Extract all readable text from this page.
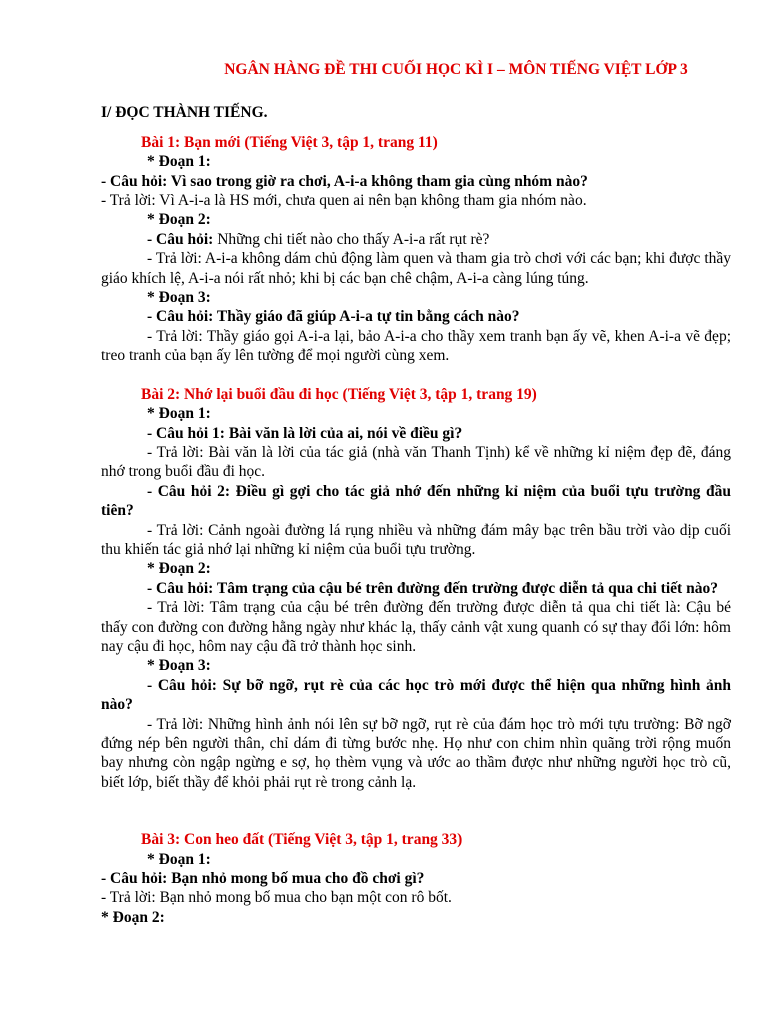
NGÂN HÀNG ĐỀ THI CUỐI HỌC KÌ I – MÔN TIẾNG VIỆT LỚP 3
I/ ĐỌC THÀNH TIẾNG.
Bài 1: Bạn mới (Tiếng Việt 3, tập 1, trang 11)
* Đoạn 1:
- Câu hỏi: Vì sao trong giờ ra chơi, A-i-a không tham gia cùng nhóm nào?
- Trả lời: Vì A-i-a là HS mới, chưa quen ai nên bạn không tham gia nhóm nào.
* Đoạn 2:
- Câu hỏi: Những chi tiết nào cho thấy A-i-a rất rụt rè?
- Trả lời: A-i-a không dám chủ động làm quen và tham gia trò chơi với các bạn; khi được thầy giáo khích lệ, A-i-a nói rất nhỏ; khi bị các bạn chê chậm, A-i-a càng lúng túng.
* Đoạn 3:
- Câu hỏi: Thầy giáo đã giúp A-i-a tự tin bằng cách nào?
- Trả lời: Thầy giáo gọi A-i-a lại, bảo A-i-a cho thầy xem tranh bạn ấy vẽ, khen A-i-a vẽ đẹp; treo tranh của bạn ấy lên tường để mọi người cùng xem.
Bài 2: Nhớ lại buổi đầu đi học (Tiếng Việt 3, tập 1, trang 19)
* Đoạn 1:
- Câu hỏi 1: Bài văn là lời của ai, nói về điều gì?
- Trả lời: Bài văn là lời của tác giả (nhà văn Thanh Tịnh) kể về những kỉ niệm đẹp đẽ, đáng nhớ trong buổi đầu đi học.
- Câu hỏi 2: Điều gì gợi cho tác giả nhớ đến những kỉ niệm của buổi tựu trường đầu tiên?
- Trả lời: Cảnh ngoài đường lá rụng nhiều và những đám mây bạc trên bầu trời vào dịp cuối thu khiến tác giả nhớ lại những kỉ niệm của buổi tựu trường.
* Đoạn 2:
- Câu hỏi: Tâm trạng của cậu bé trên đường đến trường được diễn tả qua chi tiết nào?
- Trả lời: Tâm trạng của cậu bé trên đường đến trường được diễn tả qua chi tiết là: Cậu bé thấy con đường con đường hằng ngày như khác lạ, thấy cảnh vật xung quanh có sự thay đổi lớn: hôm nay cậu đi học, hôm nay cậu đã trở thành học sinh.
* Đoạn 3:
- Câu hỏi: Sự bỡ ngỡ, rụt rè của các học trò mới được thể hiện qua những hình ảnh nào?
- Trả lời: Những hình ảnh nói lên sự bỡ ngỡ, rụt rè của đám học trò mới tựu trường: Bỡ ngỡ đứng nép bên người thân, chỉ dám đi từng bước nhẹ. Họ như con chim nhìn quãng trời rộng muốn bay nhưng còn ngập ngừng e sợ, họ thèm vụng và ước ao thầm được như những người học trò cũ, biết lớp, biết thầy để khỏi phải rụt rè trong cảnh lạ.
Bài 3: Con heo đất (Tiếng Việt 3, tập 1, trang 33)
* Đoạn 1:
- Câu hỏi: Bạn nhỏ mong bố mua cho đồ chơi gì?
- Trả lời: Bạn nhỏ mong bố mua cho bạn một con rô bốt.
* Đoạn 2:
